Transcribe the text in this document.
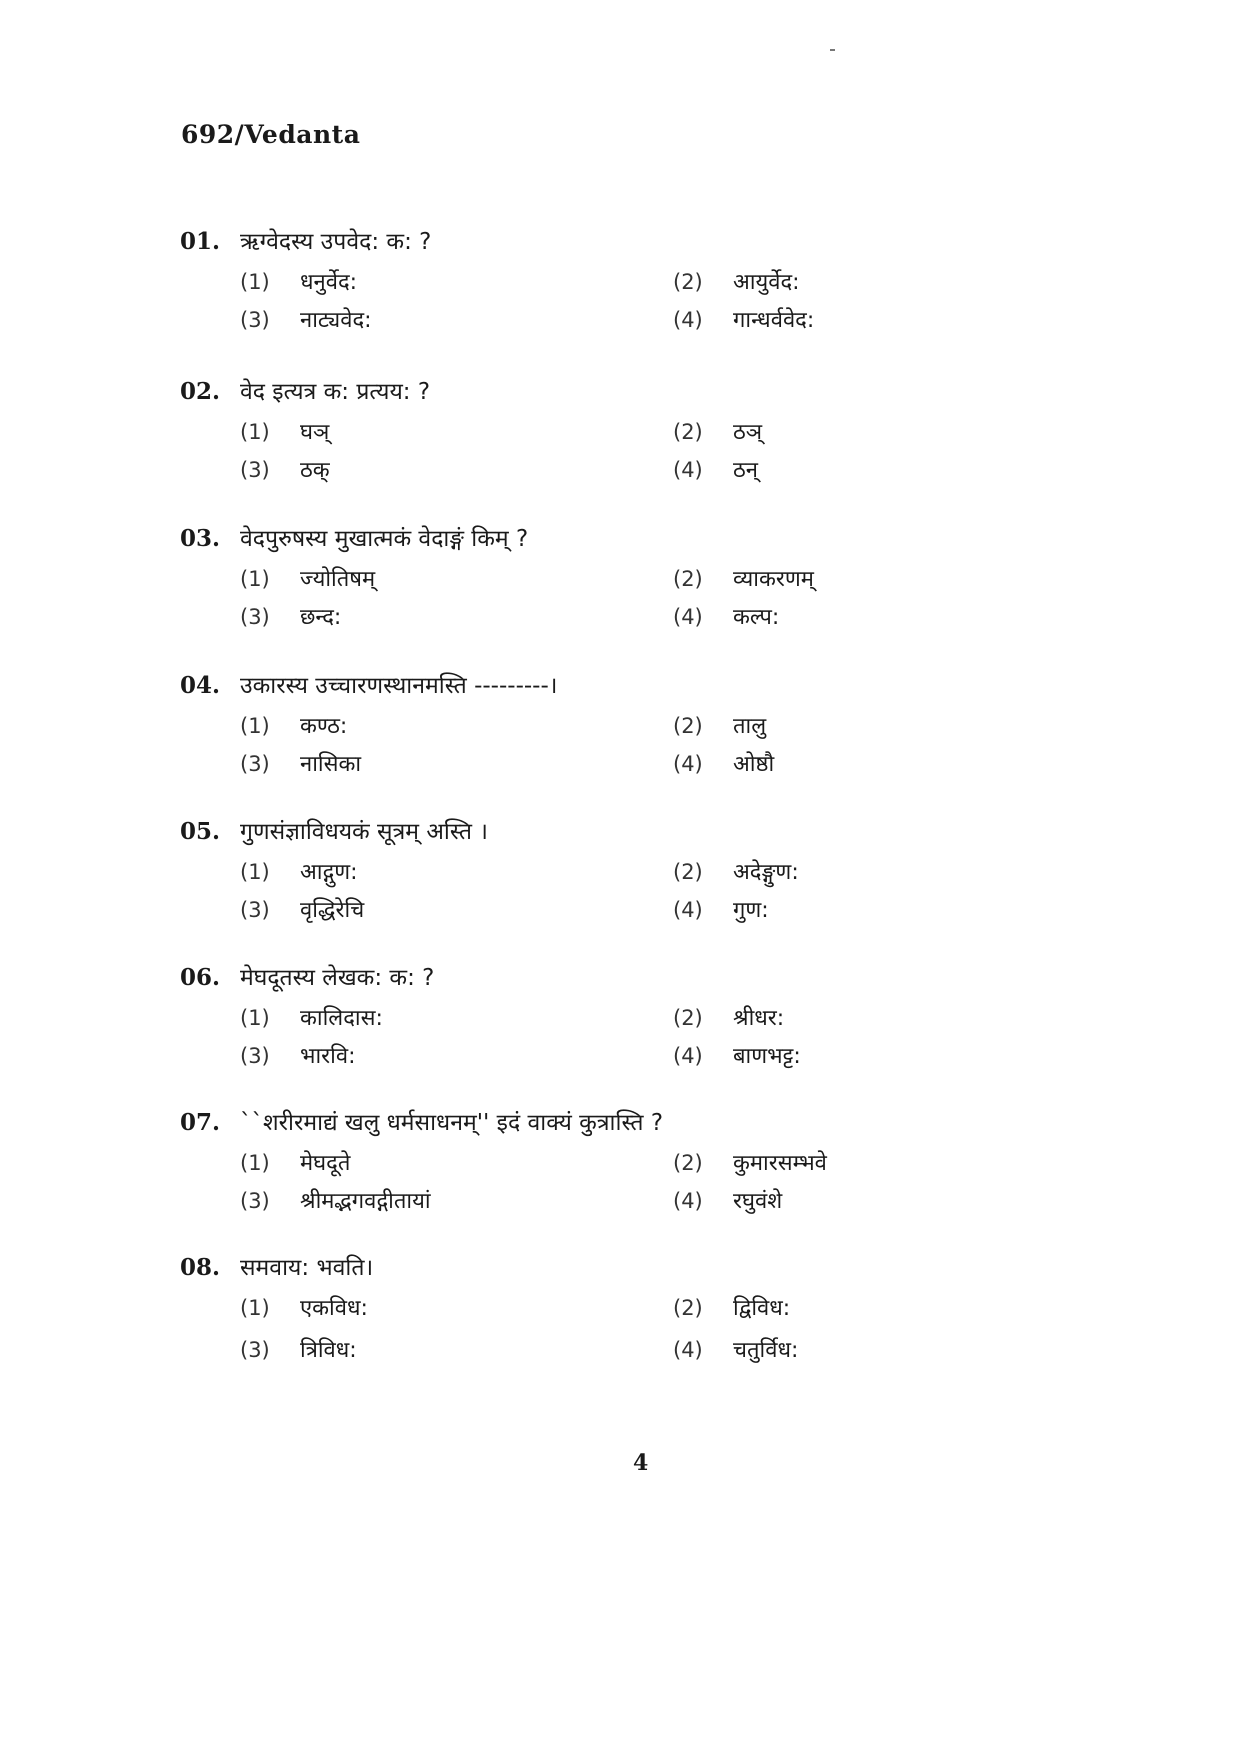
692/Vedanta
01. ऋग्वेदस्य उपवेद: क: ?
(1) धनुर्वेद:	(2) आयुर्वेद:
(3) नाट्यवेद:	(4) गान्धर्ववेद:
02. वेद इत्यत्र क: प्रत्यय: ?
(1) घञ्	(2) ठञ्
(3) ठक्	(4) ठन्
03. वेदपुरुषस्य मुखात्मकं वेदाङ्गं किम् ?
(1) ज्योतिषम्	(2) व्याकरणम्
(3) छन्द:	(4) कल्प:
04. उकारस्य उच्चारणस्थानमस्ति ---------।
(1) कण्ठ:	(2) तालु
(3) नासिका	(4) ओष्ठौ
05. गुणसंज्ञाविधयकं सूत्रम् अस्ति ।
(1) आद्गुण:	(2) अदेङ्गुण:
(3) वृद्धिरेचि	(4) गुण:
06. मेघदूतस्य लेखक: क: ?
(1) कालिदास:	(2) श्रीधर:
(3) भारवि:	(4) बाणभट्ट:
07. ``शरीरमाद्यं खलु धर्मसाधनम्'' इदं वाक्यं कुत्रास्ति ?
(1) मेघदूते	(2) कुमारसम्भवे
(3) श्रीमद्भगवद्गीतायां	(4) रघुवंशे
08. समवाय: भवति।
(1) एकविध:	(2) द्विविध:
(3) त्रिविध:	(4) चतुर्विध:
4
